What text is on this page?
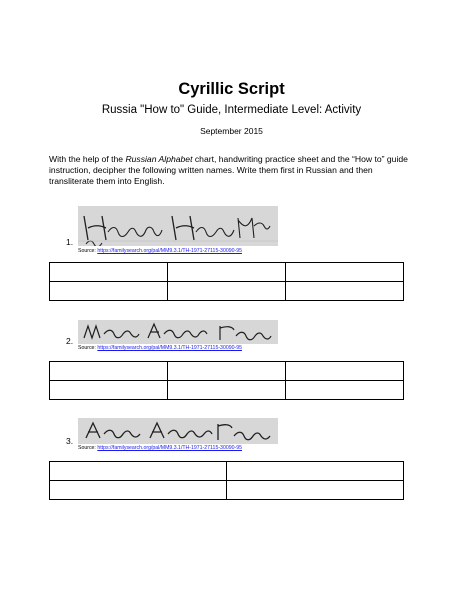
Cyrillic Script
Russia "How to" Guide, Intermediate Level: Activity
September 2015
With the help of the Russian Alphabet chart, handwriting practice sheet and the “How to” guide instruction, decipher the following written names. Write them first in Russian and then transliterate them into English.
1.
Source: https://familysearch.org/pal/MM9.3.1/TH-1971-27115-30090-95

2.
Source: https://familysearch.org/pal/MM9.3.1/TH-1971-27115-30090-95

3.
Source: https://familysearch.org/pal/MM9.3.1/TH-1971-27115-30090-95
